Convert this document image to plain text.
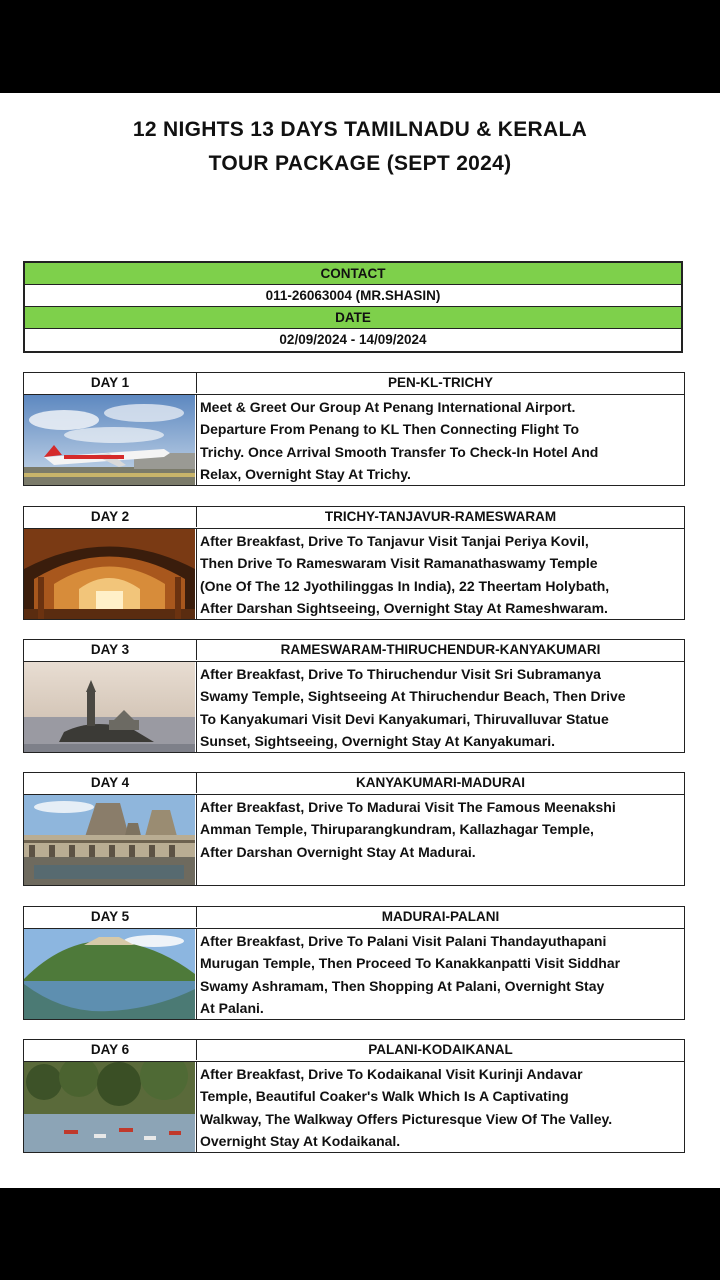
12 NIGHTS 13 DAYS TAMILNADU & KERALA
TOUR PACKAGE (SEPT 2024)
CONTACT
011-26063004 (MR.SHASIN)
DATE
02/09/2024 - 14/09/2024
DAY 1	PEN-KL-TRICHY
Meet & Greet Our Group At Penang International Airport.
Departure From Penang to KL Then Connecting Flight To
Trichy. Once Arrival Smooth Transfer To Check-In Hotel And
Relax, Overnight Stay At Trichy.
DAY 2	TRICHY-TANJAVUR-RAMESWARAM
After Breakfast, Drive To Tanjavur Visit Tanjai Periya Kovil,
Then Drive To Rameswaram Visit Ramanathaswamy Temple
(One Of The 12 Jyothilinggas In India), 22 Theertam Holybath,
After Darshan Sightseeing, Overnight Stay At Rameshwaram.
DAY 3	RAMESWARAM-THIRUCHENDUR-KANYAKUMARI
After Breakfast, Drive To Thiruchendur Visit Sri Subramanya
Swamy Temple, Sightseeing At Thiruchendur Beach, Then Drive
To Kanyakumari Visit Devi Kanyakumari, Thiruvalluvar Statue
Sunset, Sightseeing, Overnight Stay At Kanyakumari.
DAY 4	KANYAKUMARI-MADURAI
After Breakfast, Drive To Madurai Visit The Famous Meenakshi
Amman Temple, Thiruparangkundram, Kallazhagar Temple,
After Darshan Overnight Stay At Madurai.
DAY 5	MADURAI-PALANI
After Breakfast, Drive To Palani Visit Palani Thandayuthapani
Murugan Temple, Then Proceed To Kanakkanpatti Visit Siddhar
Swamy Ashramam, Then Shopping At Palani, Overnight Stay
At Palani.
DAY 6	PALANI-KODAIKANAL
After Breakfast, Drive To Kodaikanal Visit Kurinji Andavar
Temple, Beautiful Coaker's Walk Which Is A Captivating
Walkway, The Walkway Offers Picturesque View Of The Valley.
Overnight Stay At Kodaikanal.
